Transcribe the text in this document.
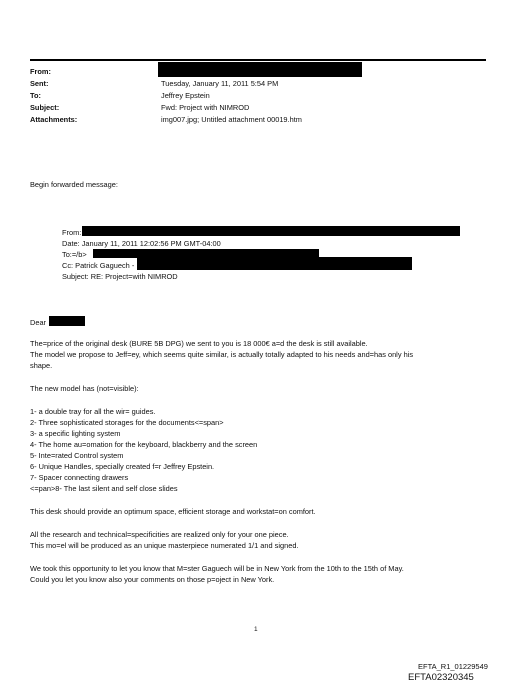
From:
Sent:
To:
Subject:
Attachments:
Tuesday, January 11, 2011 5:54 PM
Jeffrey Epstein
Fwd: Project with NIMROD
img007.jpg; Untitled attachment 00019.htm
Begin forwarded message:
From:
Date: January 11, 2011 12:02:56 PM GMT-04:00
To:=/b>
Cc: Patrick Gaguech -
Subject: RE: Project=with NIMROD
Dear
The=price of the original desk (BURE 5B DPG) we sent to you is 18 000€ a=d the desk is still available.
The model we propose to Jeff=ey, which seems quite similar, is actually totally adapted to his needs and=has only his
shape.
The new model has (not=visible):
1- a double tray for all the wir= guides.
2- Three sophisticated storages for the documents<=span>
3- a specific lighting system
4- The home au=omation for the keyboard, blackberry and the screen
5- Inte=rated Control system
6- Unique Handles, specially created f=r Jeffrey Epstein.
7- Spacer connecting drawers
<=pan>8- The last silent and self close slides
This desk should provide an optimum space, efficient storage and workstat=on comfort.
All the research and technical=specificities are realized only for your one piece.
This mo=el will be produced as an unique masterpiece numerated 1/1 and signed.
We took this opportunity to let you know that M=ster Gaguech will be in New York from the 10th to the 15th of May.
Could you let you know also your comments on those p=oject in New York.
1
EFTA_R1_01229549
EFTA02320345
